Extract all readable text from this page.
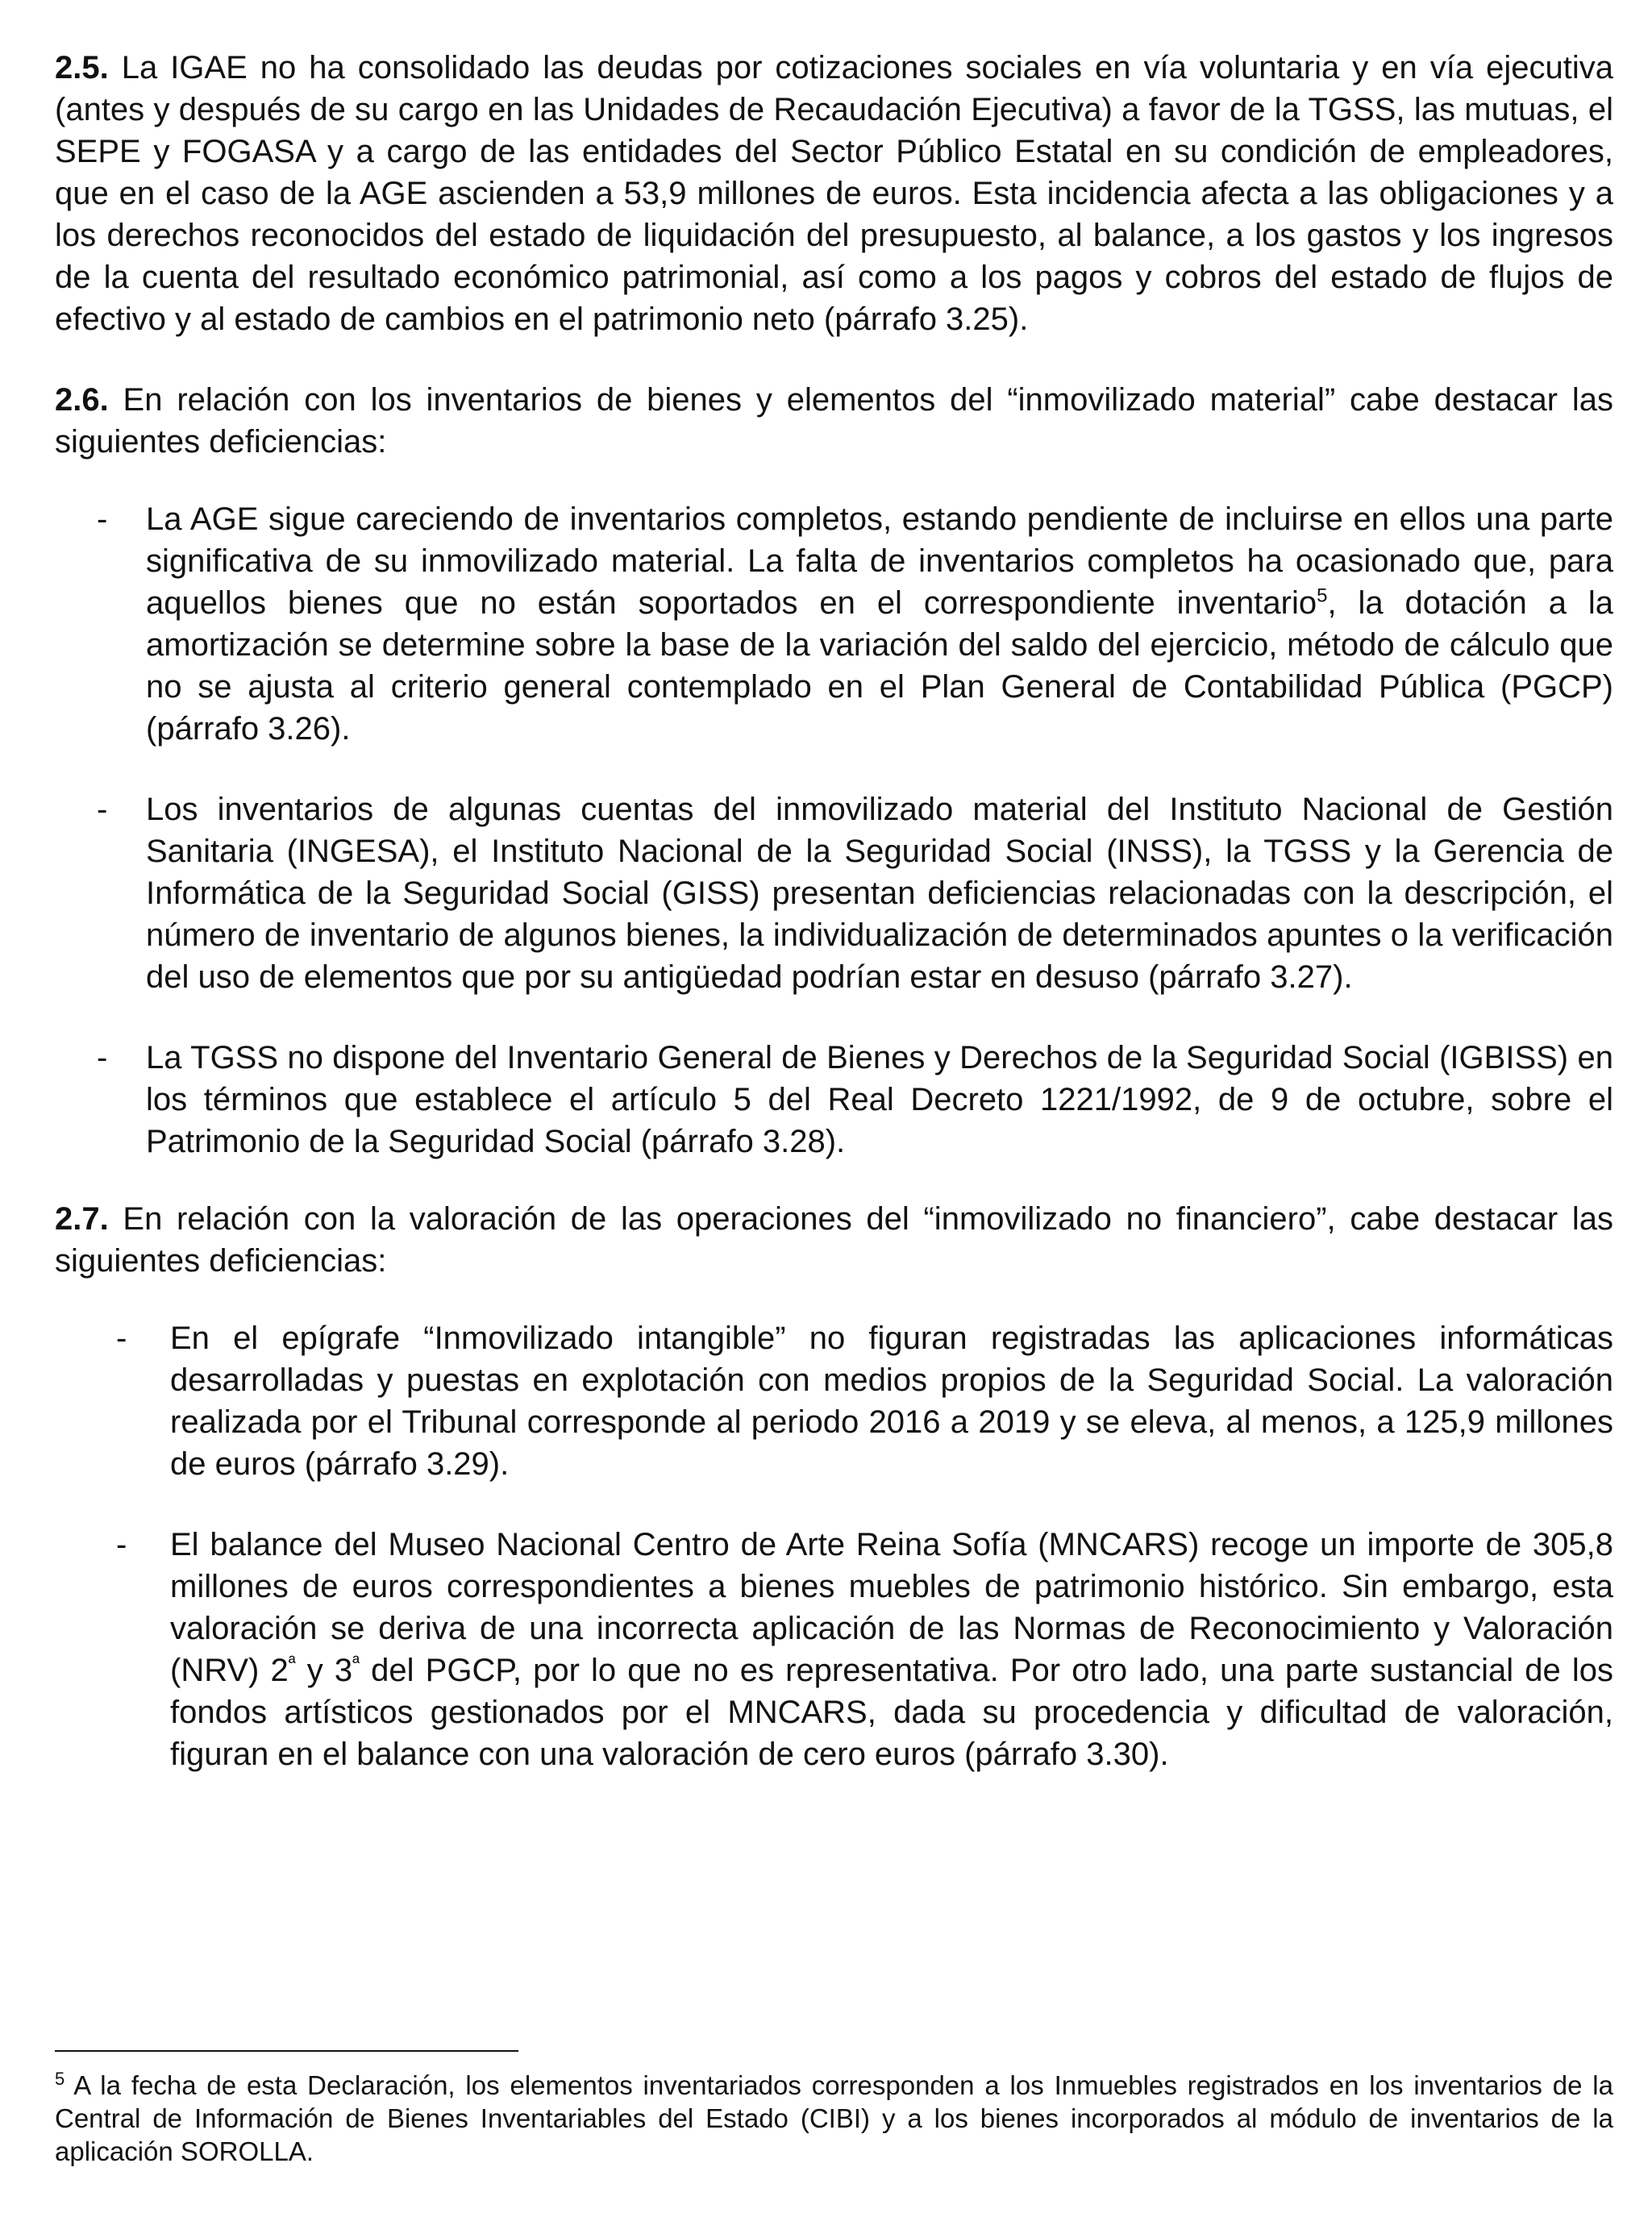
2.5. La IGAE no ha consolidado las deudas por cotizaciones sociales en vía voluntaria y en vía ejecutiva (antes y después de su cargo en las Unidades de Recaudación Ejecutiva) a favor de la TGSS, las mutuas, el SEPE y FOGASA y a cargo de las entidades del Sector Público Estatal en su condición de empleadores, que en el caso de la AGE ascienden a 53,9 millones de euros. Esta incidencia afecta a las obligaciones y a los derechos reconocidos del estado de liquidación del presupuesto, al balance, a los gastos y los ingresos de la cuenta del resultado económico patrimonial, así como a los pagos y cobros del estado de flujos de efectivo y al estado de cambios en el patrimonio neto (párrafo 3.25).

2.6. En relación con los inventarios de bienes y elementos del “inmovilizado material” cabe destacar las siguientes deficiencias:

- La AGE sigue careciendo de inventarios completos, estando pendiente de incluirse en ellos una parte significativa de su inmovilizado material. La falta de inventarios completos ha ocasionado que, para aquellos bienes que no están soportados en el correspondiente inventario$^5$, la dotación a la amortización se determine sobre la base de la variación del saldo del ejercicio, método de cálculo que no se ajusta al criterio general contemplado en el Plan General de Contabilidad Pública (PGCP) (párrafo 3.26).
- Los inventarios de algunas cuentas del inmovilizado material del Instituto Nacional de Gestión Sanitaria (INGESA), el Instituto Nacional de la Seguridad Social (INSS), la TGSS y la Gerencia de Informática de la Seguridad Social (GISS) presentan deficiencias relacionadas con la descripción, el número de inventario de algunos bienes, la individualización de determinados apuntes o la verificación del uso de elementos que por su antigüedad podrían estar en desuso (párrafo 3.27).
- La TGSS no dispone del Inventario General de Bienes y Derechos de la Seguridad Social (IGBISS) en los términos que establece el artículo 5 del Real Decreto 1221/1992, de 9 de octubre, sobre el Patrimonio de la Seguridad Social (párrafo 3.28).

2.7. En relación con la valoración de las operaciones del “inmovilizado no financiero”, cabe destacar las siguientes deficiencias:

- En el epígrafe “Inmovilizado intangible” no figuran registradas las aplicaciones informáticas desarrolladas y puestas en explotación con medios propios de la Seguridad Social. La valoración realizada por el Tribunal corresponde al periodo 2016 a 2019 y se eleva, al menos, a 125,9 millones de euros (párrafo 3.29).
- El balance del Museo Nacional Centro de Arte Reina Sofía (MNCARS) recoge un importe de 305,8 millones de euros correspondientes a bienes muebles de patrimonio histórico. Sin embargo, esta valoración se deriva de una incorrecta aplicación de las Normas de Reconocimiento y Valoración (NRV) $2^ª$ y $3^ª$ del PGCP, por lo que no es representativa. Por otro lado, una parte sustancial de los fondos artísticos gestionados por el MNCARS, dada su procedencia y dificultad de valoración, figuran en el balance con una valoración de cero euros (párrafo 3.30).

$^5$ A la fecha de esta Declaración, los elementos inventariados corresponden a los Inmuebles registrados en los inventarios de la Central de Información de Bienes Inventariables del Estado (CIBI) y a los bienes incorporados al módulo de inventarios de la aplicación SOROLLA.
